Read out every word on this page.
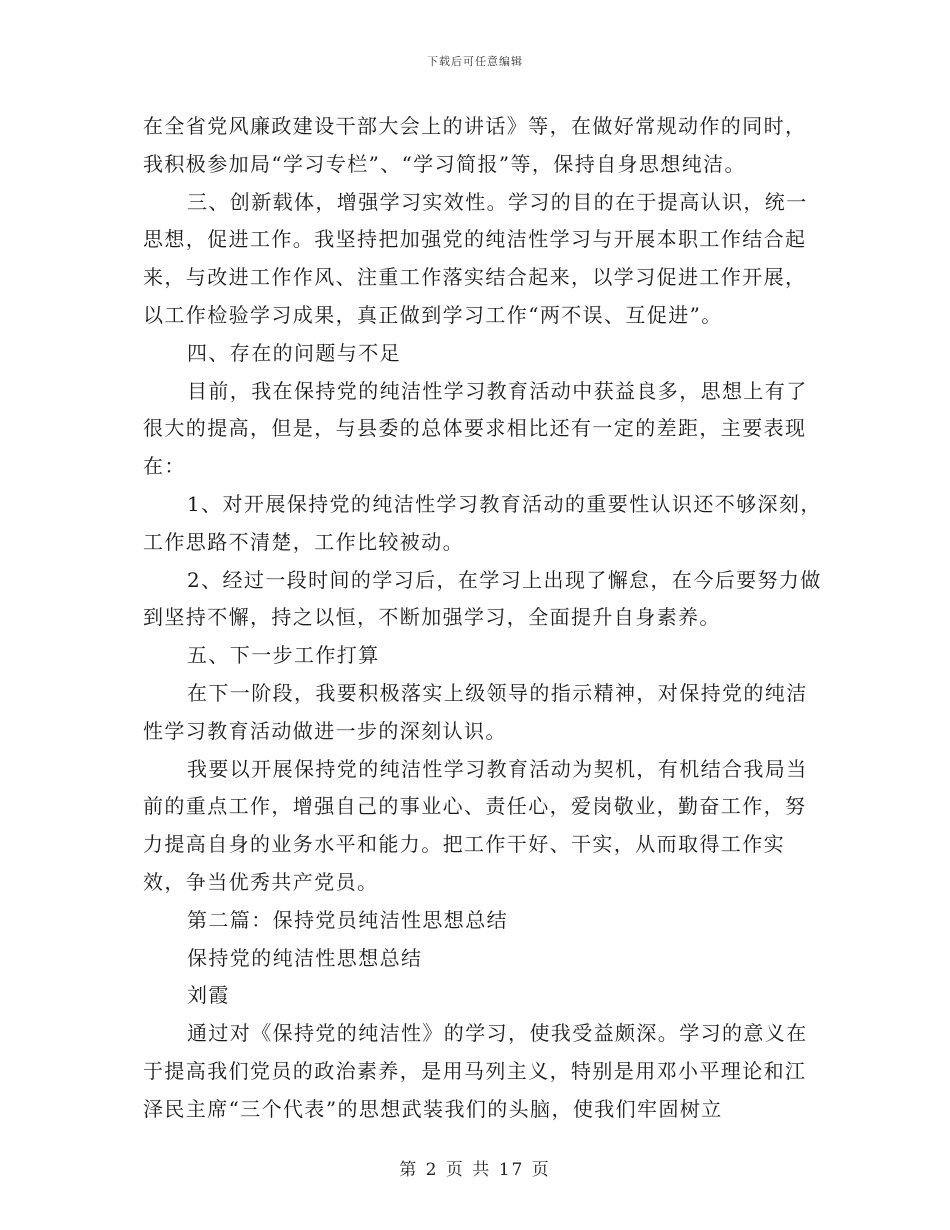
下载后可任意编辑

在全省党风廉政建设干部大会上的讲话》等，在做好常规动作的同时，我积极参加局“学习专栏”、“学习简报”等，保持自身思想纯洁。

三、创新载体，增强学习实效性。学习的目的在于提高认识，统一思想，促进工作。我坚持把加强党的纯洁性学习与开展本职工作结合起来，与改进工作作风、注重工作落实结合起来，以学习促进工作开展，以工作检验学习成果，真正做到学习工作“两不误、互促进”。

四、存在的问题与不足

目前，我在保持党的纯洁性学习教育活动中获益良多，思想上有了很大的提高，但是，与县委的总体要求相比还有一定的差距，主要表现在：

1、对开展保持党的纯洁性学习教育活动的重要性认识还不够深刻，工作思路不清楚，工作比较被动。

2、经过一段时间的学习后，在学习上出现了懈怠，在今后要努力做到坚持不懈，持之以恒，不断加强学习，全面提升自身素养。

五、下一步工作打算

在下一阶段，我要积极落实上级领导的指示精神，对保持党的纯洁性学习教育活动做进一步的深刻认识。

我要以开展保持党的纯洁性学习教育活动为契机，有机结合我局当前的重点工作，增强自己的事业心、责任心，爱岗敬业，勤奋工作，努力提高自身的业务水平和能力。把工作干好、干实，从而取得工作实效，争当优秀共产党员。

第二篇：保持党员纯洁性思想总结

保持党的纯洁性思想总结

刘霞

通过对《保持党的纯洁性》的学习，使我受益颇深。学习的意义在于提高我们党员的政治素养，是用马列主义，特别是用邓小平理论和江泽民主席“三个代表”的思想武装我们的头脑，使我们牢固树立

第 2 页 共 17 页
